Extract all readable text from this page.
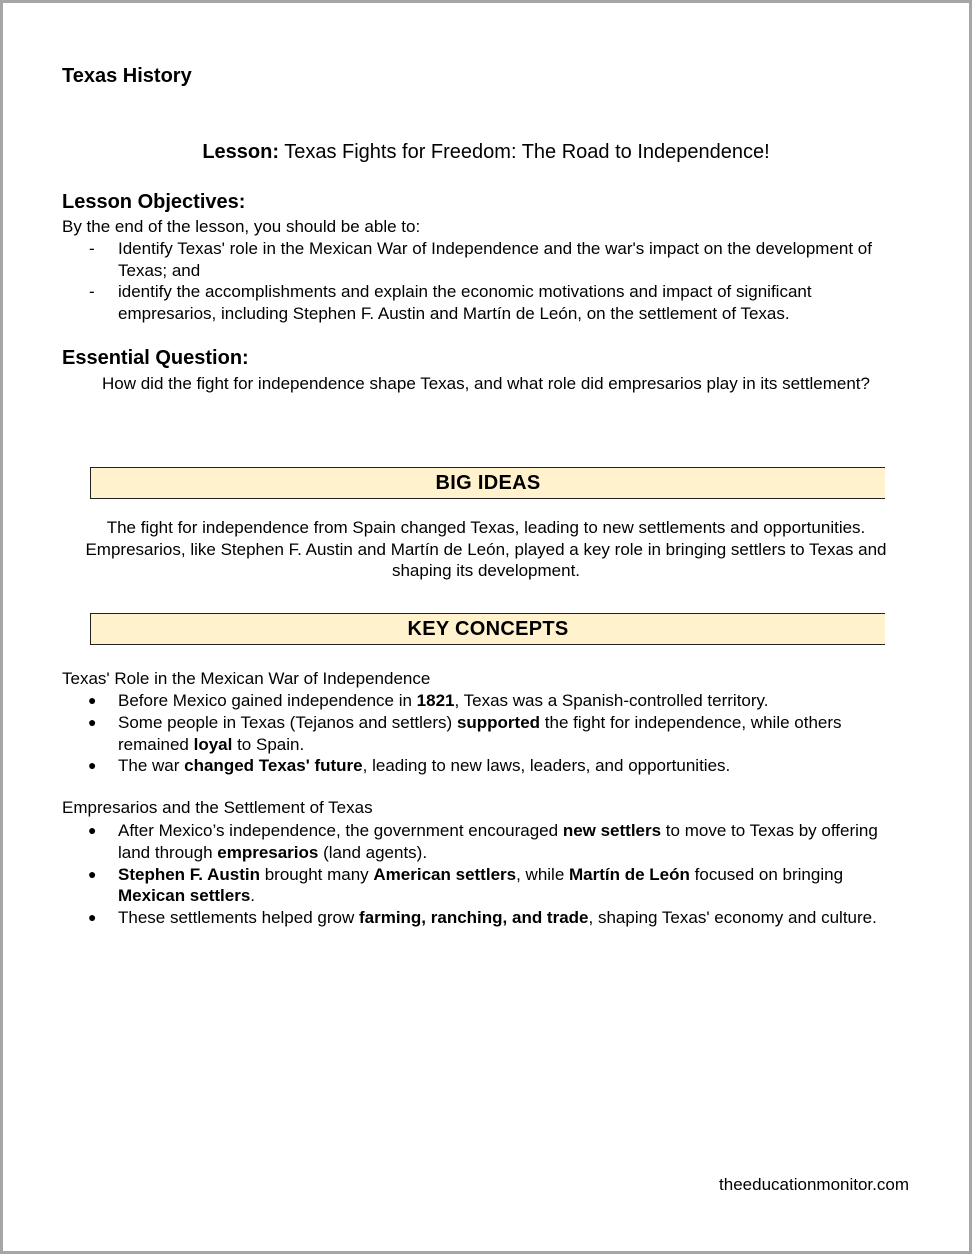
Texas History
Lesson: Texas Fights for Freedom: The Road to Independence!
Lesson Objectives:
By the end of the lesson, you should be able to:
- Identify Texas' role in the Mexican War of Independence and the war's impact on the development of Texas; and
- identify the accomplishments and explain the economic motivations and impact of significant empresarios, including Stephen F. Austin and Martín de León, on the settlement of Texas.
Essential Question:
How did the fight for independence shape Texas, and what role did empresarios play in its settlement?
BIG IDEAS
The fight for independence from Spain changed Texas, leading to new settlements and opportunities. Empresarios, like Stephen F. Austin and Martín de León, played a key role in bringing settlers to Texas and shaping its development.
KEY CONCEPTS
Texas' Role in the Mexican War of Independence
● Before Mexico gained independence in 1821, Texas was a Spanish-controlled territory.
● Some people in Texas (Tejanos and settlers) supported the fight for independence, while others remained loyal to Spain.
● The war changed Texas' future, leading to new laws, leaders, and opportunities.
Empresarios and the Settlement of Texas
● After Mexico’s independence, the government encouraged new settlers to move to Texas by offering land through empresarios (land agents).
● Stephen F. Austin brought many American settlers, while Martín de León focused on bringing Mexican settlers.
● These settlements helped grow farming, ranching, and trade, shaping Texas' economy and culture.
theeducationmonitor.com
